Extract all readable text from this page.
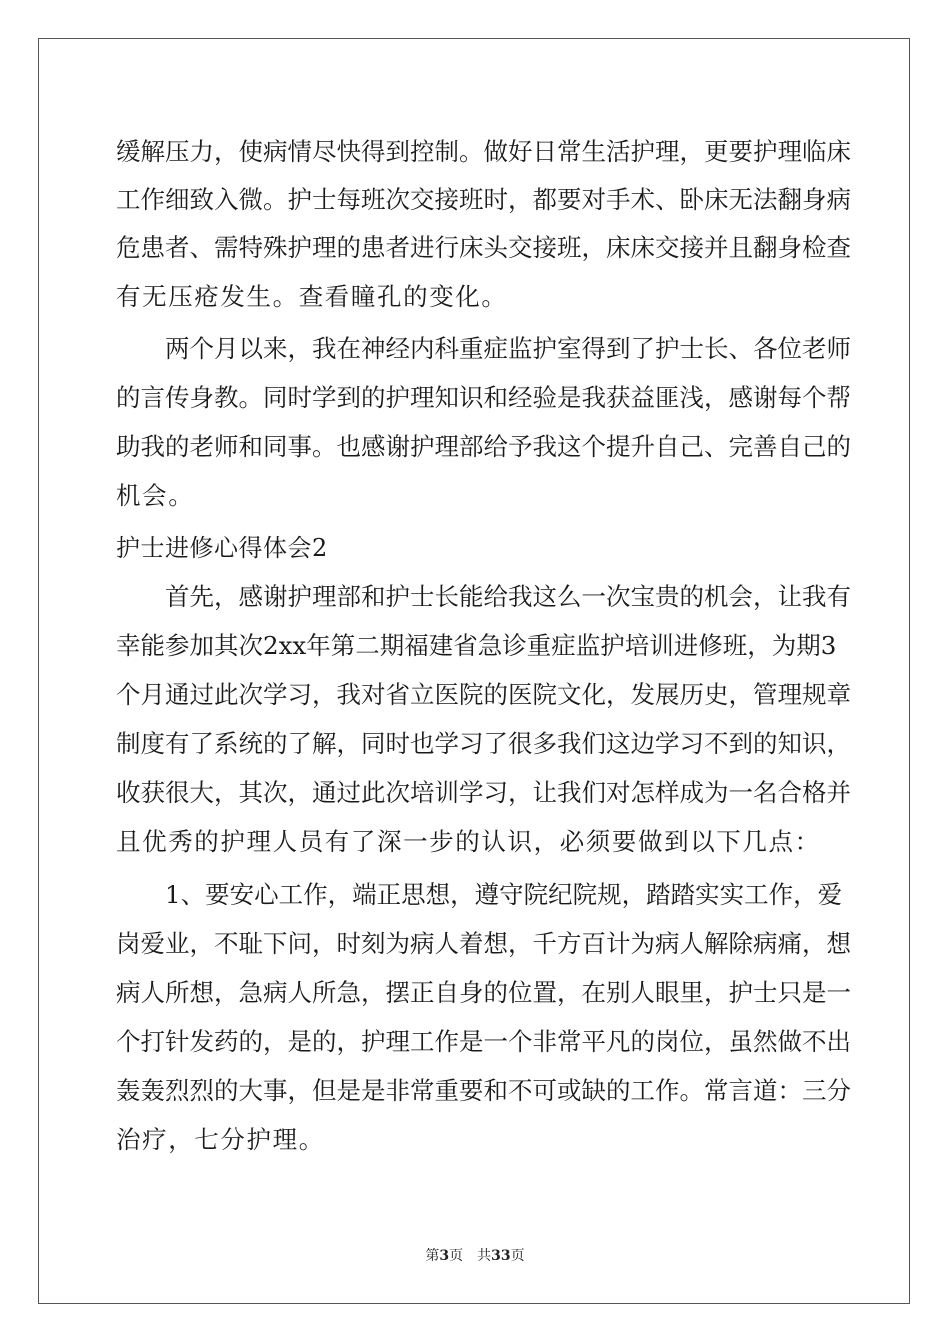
缓解压力，使病情尽快得到控制。做好日常生活护理，更要护理临床
工作细致入微。护士每班次交接班时，都要对手术、卧床无法翻身病
危患者、需特殊护理的患者进行床头交接班，床床交接并且翻身检查
有无压疮发生。查看瞳孔的变化。
　　两个月以来，我在神经内科重症监护室得到了护士长、各位老师
的言传身教。同时学到的护理知识和经验是我获益匪浅，感谢每个帮
助我的老师和同事。也感谢护理部给予我这个提升自己、完善自己的
机会。
护士进修心得体会2
　　首先，感谢护理部和护士长能给我这么一次宝贵的机会，让我有
幸能参加其次2xx年第二期福建省急诊重症监护培训进修班，为期3
个月通过此次学习，我对省立医院的医院文化，发展历史，管理规章
制度有了系统的了解，同时也学习了很多我们这边学习不到的知识，
收获很大，其次，通过此次培训学习，让我们对怎样成为一名合格并
且优秀的护理人员有了深一步的认识，必须要做到以下几点：
　　1、要安心工作，端正思想，遵守院纪院规，踏踏实实工作，爱
岗爱业，不耻下问，时刻为病人着想，千方百计为病人解除病痛，想
病人所想，急病人所急，摆正自身的位置，在别人眼里，护士只是一
个打针发药的，是的，护理工作是一个非常平凡的岗位，虽然做不出
轰轰烈烈的大事，但是是非常重要和不可或缺的工作。常言道：三分
治疗，七分护理。
第3页 共33页
